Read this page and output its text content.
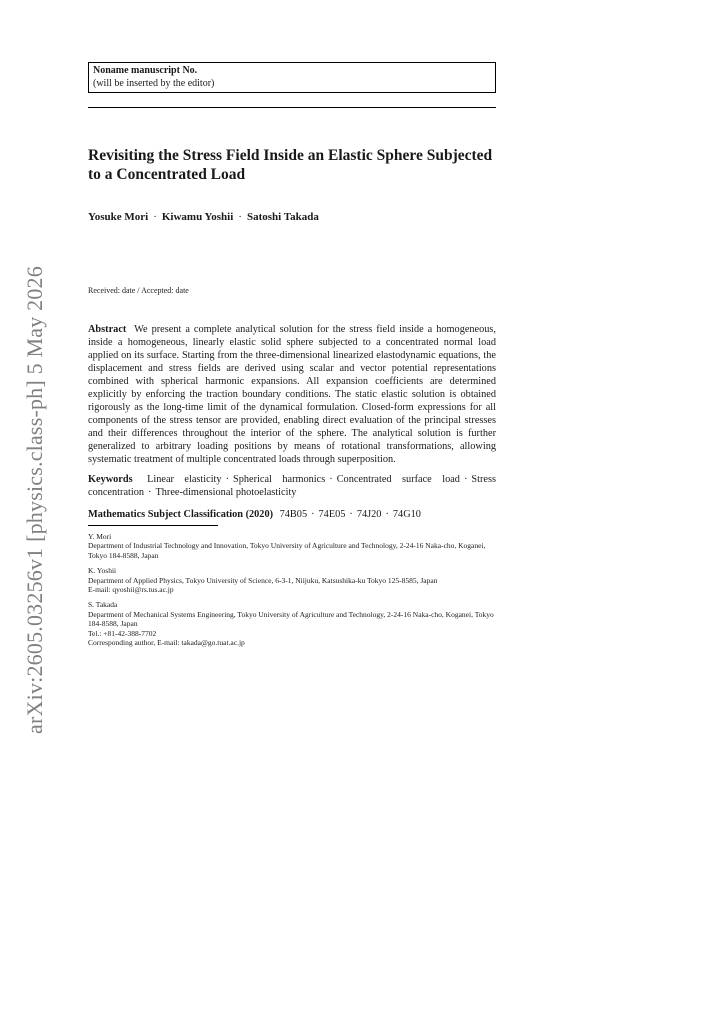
arXiv:2605.03256v1 [physics.class-ph] 5 May 2026
Noname manuscript No.
(will be inserted by the editor)
Revisiting the Stress Field Inside an Elastic Sphere Subjected to a Concentrated Load
Yosuke Mori · Kiwamu Yoshii · Satoshi Takada
Received: date / Accepted: date
Abstract We present a complete analytical solution for the stress field inside a homogeneous, inside a homogeneous, linearly elastic solid sphere subjected to a concentrated normal load applied on its surface. Starting from the three-dimensional linearized elastodynamic equations, the displacement and stress fields are derived using scalar and vector potential representations combined with spherical harmonic expansions. All expansion coefficients are determined explicitly by enforcing the traction boundary conditions. The static elastic solution is obtained rigorously as the long-time limit of the dynamical formulation. Closed-form expressions for all components of the stress tensor are provided, enabling direct evaluation of the principal stresses and their differences throughout the interior of the sphere. The analytical solution is further generalized to arbitrary loading positions by means of rotational transformations, allowing systematic treatment of multiple concentrated loads through superposition.
Keywords Linear elasticity · Spherical harmonics · Concentrated surface load · Stress concentration · Three-dimensional photoelasticity
Mathematics Subject Classification (2020) 74B05 · 74E05 · 74J20 · 74G10
Y. Mori
Department of Industrial Technology and Innovation, Tokyo University of Agriculture and Technology, 2-24-16 Naka-cho, Koganei, Tokyo 184-8588, Japan
K. Yoshii
Department of Applied Physics, Tokyo University of Science, 6-3-1, Niijuku, Katsushika-ku Tokyo 125-8585, Japan
E-mail: qyoshii@rs.tus.ac.jp
S. Takada
Department of Mechanical Systems Engineering, Tokyo University of Agriculture and Technology, 2-24-16 Naka-cho, Koganei, Tokyo 184-8588, Japan
Tel.: +81-42-388-7702
Corresponding author, E-mail: takada@go.tuat.ac.jp
